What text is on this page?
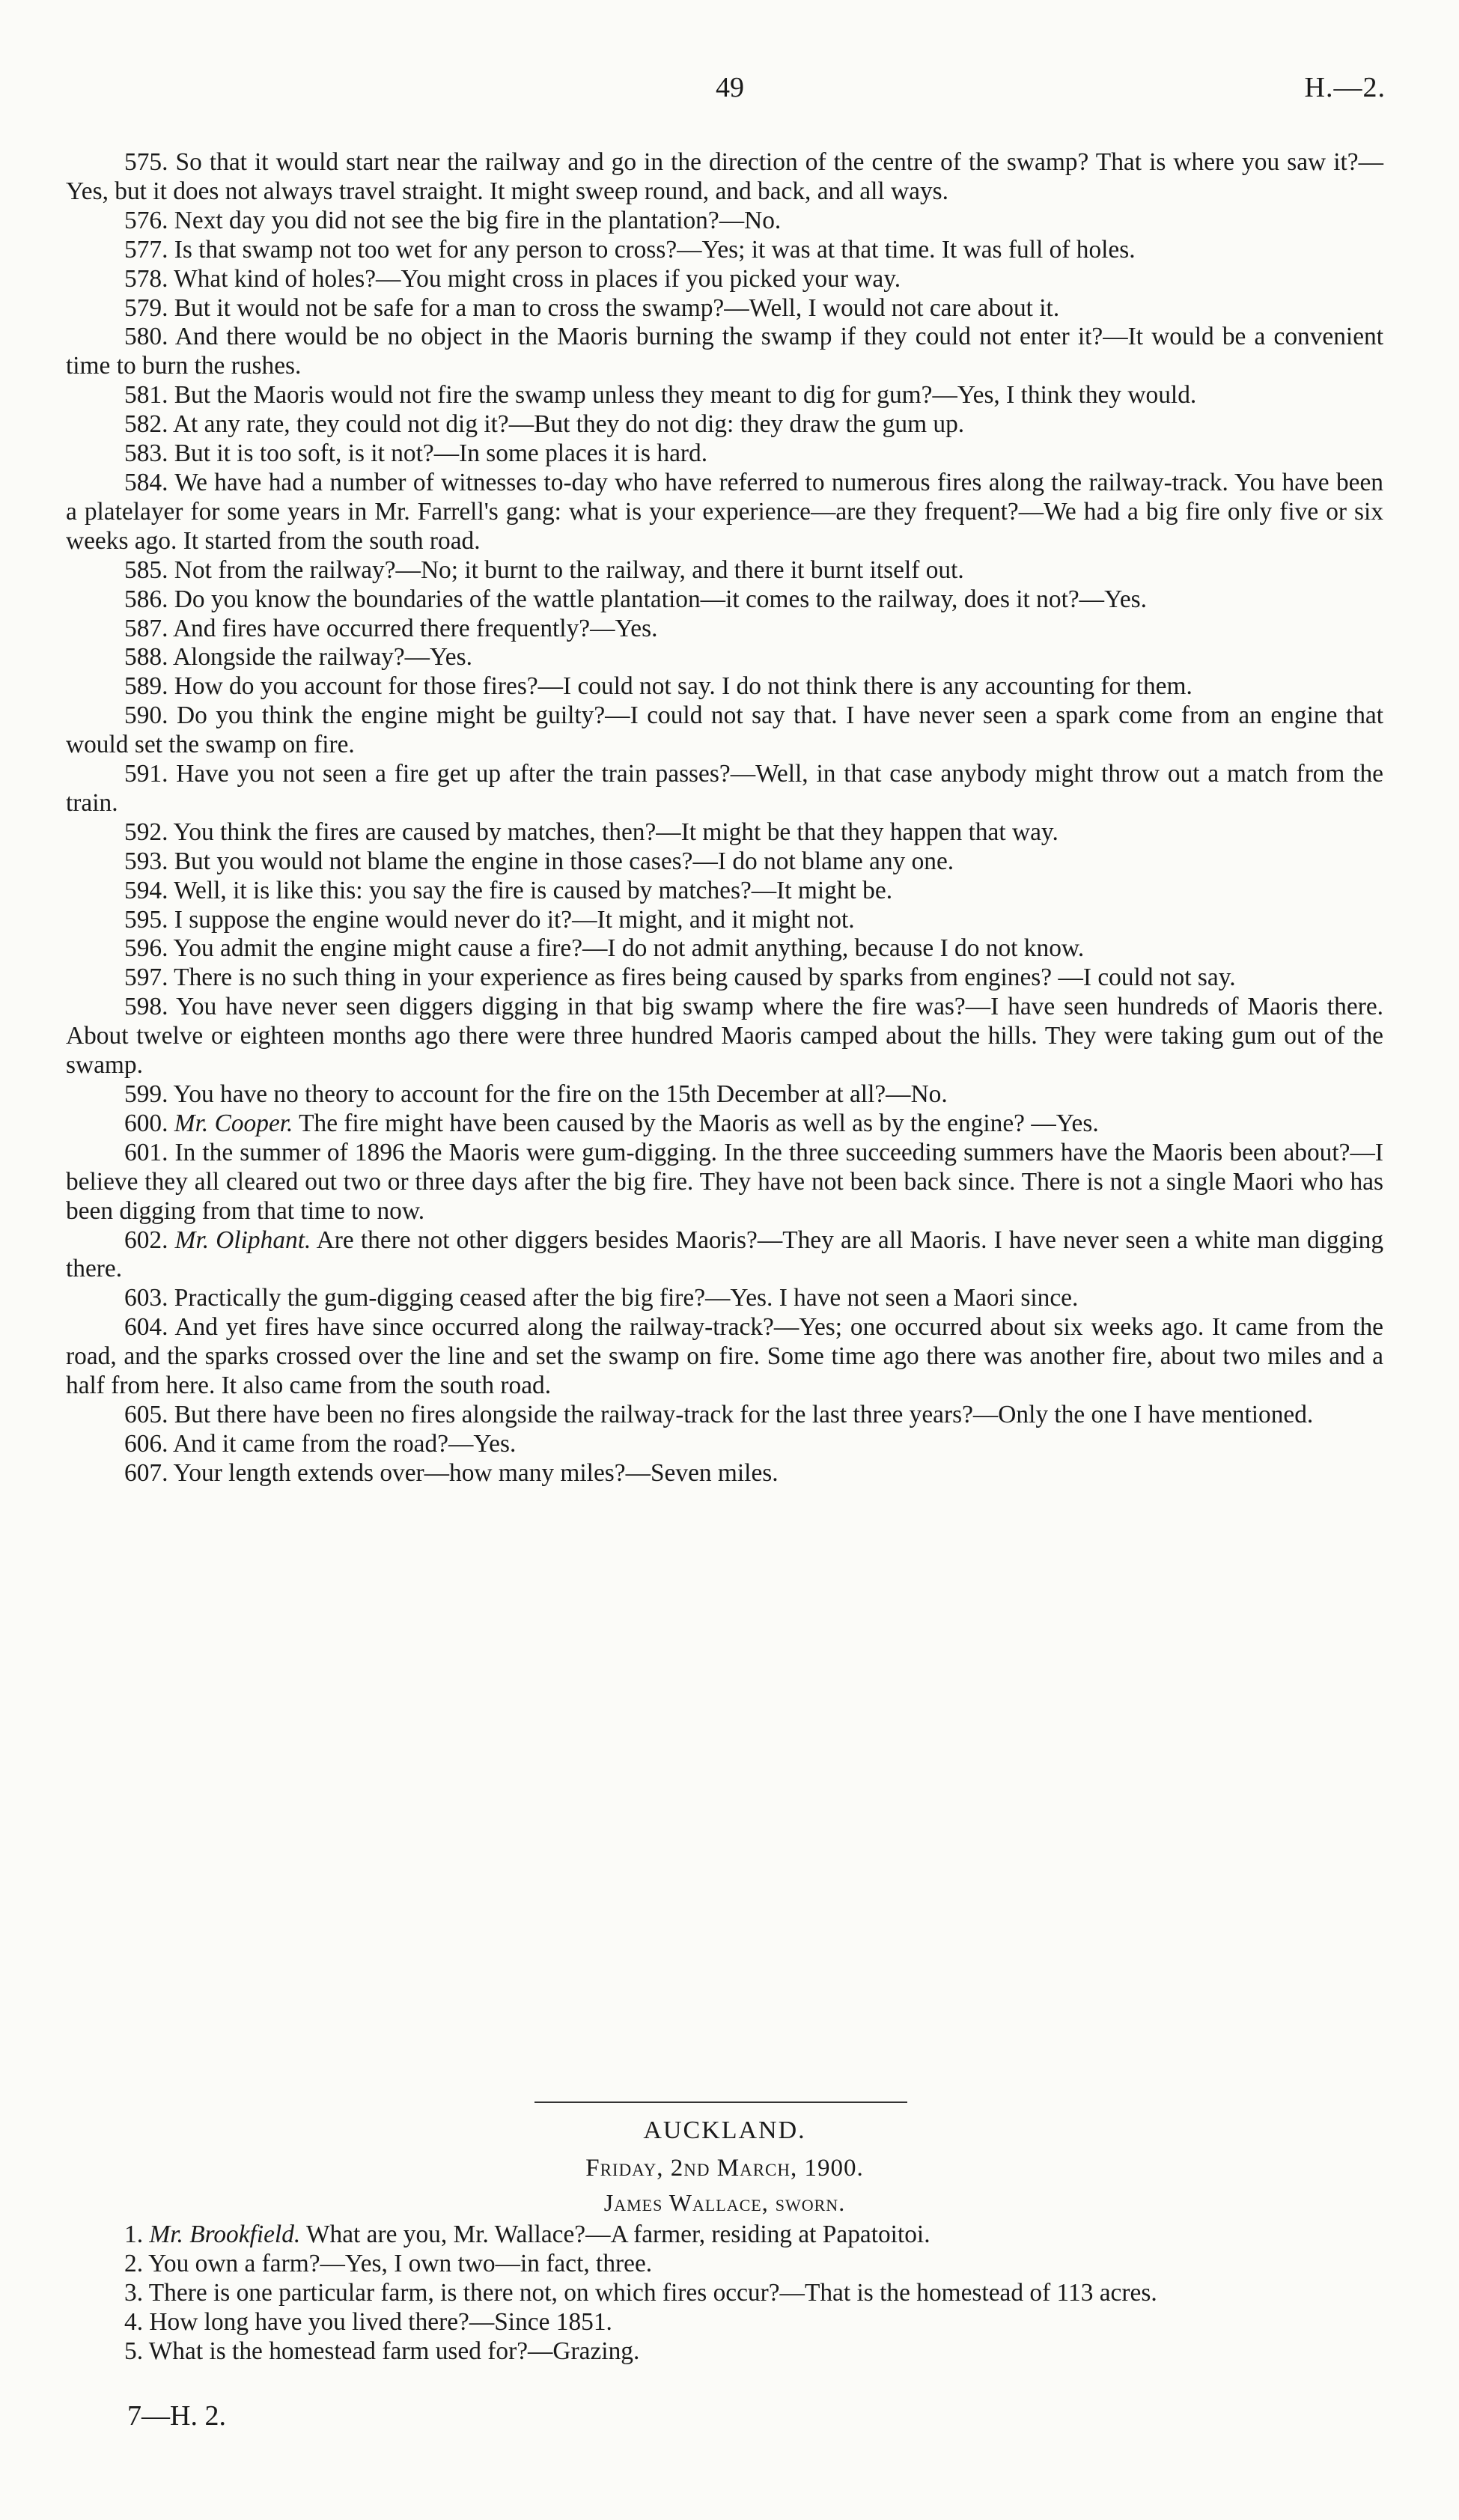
49	H.—2.

575. So that it would start near the railway and go in the direction of the centre of the swamp? That is where you saw it?—Yes, but it does not always travel straight. It might sweep round, and back, and all ways.

576. Next day you did not see the big fire in the plantation?—No.

577. Is that swamp not too wet for any person to cross?—Yes; it was at that time. It was full of holes.

578. What kind of holes?—You might cross in places if you picked your way.

579. But it would not be safe for a man to cross the swamp?—Well, I would not care about it.

580. And there would be no object in the Maoris burning the swamp if they could not enter it?—It would be a convenient time to burn the rushes.

581. But the Maoris would not fire the swamp unless they meant to dig for gum?—Yes, I think they would.

582. At any rate, they could not dig it?—But they do not dig: they draw the gum up.

583. But it is too soft, is it not?—In some places it is hard.

584. We have had a number of witnesses to-day who have referred to numerous fires along the railway-track. You have been a platelayer for some years in Mr. Farrell's gang: what is your experience—are they frequent?—We had a big fire only five or six weeks ago. It started from the south road.

585. Not from the railway?—No; it burnt to the railway, and there it burnt itself out.

586. Do you know the boundaries of the wattle plantation—it comes to the railway, does it not?—Yes.

587. And fires have occurred there frequently?—Yes.

588. Alongside the railway?—Yes.

589. How do you account for those fires?—I could not say. I do not think there is any accounting for them.

590. Do you think the engine might be guilty?—I could not say that. I have never seen a spark come from an engine that would set the swamp on fire.

591. Have you not seen a fire get up after the train passes?—Well, in that case anybody might throw out a match from the train.

592. You think the fires are caused by matches, then?—It might be that they happen that way.

593. But you would not blame the engine in those cases?—I do not blame any one.

594. Well, it is like this: you say the fire is caused by matches?—It might be.

595. I suppose the engine would never do it?—It might, and it might not.

596. You admit the engine might cause a fire?—I do not admit anything, because I do not know.

597. There is no such thing in your experience as fires being caused by sparks from engines? —I could not say.

598. You have never seen diggers digging in that big swamp where the fire was?—I have seen hundreds of Maoris there. About twelve or eighteen months ago there were three hundred Maoris camped about the hills. They were taking gum out of the swamp.

599. You have no theory to account for the fire on the 15th December at all?—No.

600. Mr. Cooper. The fire might have been caused by the Maoris as well as by the engine? —Yes.

601. In the summer of 1896 the Maoris were gum-digging. In the three succeeding summers have the Maoris been about?—I believe they all cleared out two or three days after the big fire. They have not been back since. There is not a single Maori who has been digging from that time to now.

602. Mr. Oliphant. Are there not other diggers besides Maoris?—They are all Maoris. I have never seen a white man digging there.

603. Practically the gum-digging ceased after the big fire?—Yes. I have not seen a Maori since.

604. And yet fires have since occurred along the railway-track?—Yes; one occurred about six weeks ago. It came from the road, and the sparks crossed over the line and set the swamp on fire. Some time ago there was another fire, about two miles and a half from here. It also came from the south road.

605. But there have been no fires alongside the railway-track for the last three years?—Only the one I have mentioned.

606. And it came from the road?—Yes.

607. Your length extends over—how many miles?—Seven miles.

AUCKLAND.

Friday, 2nd March, 1900.

James Wallace, sworn.

1. Mr. Brookfield. What are you, Mr. Wallace?—A farmer, residing at Papatoitoi.

2. You own a farm?—Yes, I own two—in fact, three.

3. There is one particular farm, is there not, on which fires occur?—That is the homestead of 113 acres.

4. How long have you lived there?—Since 1851.

5. What is the homestead farm used for?—Grazing.

7—H. 2.
